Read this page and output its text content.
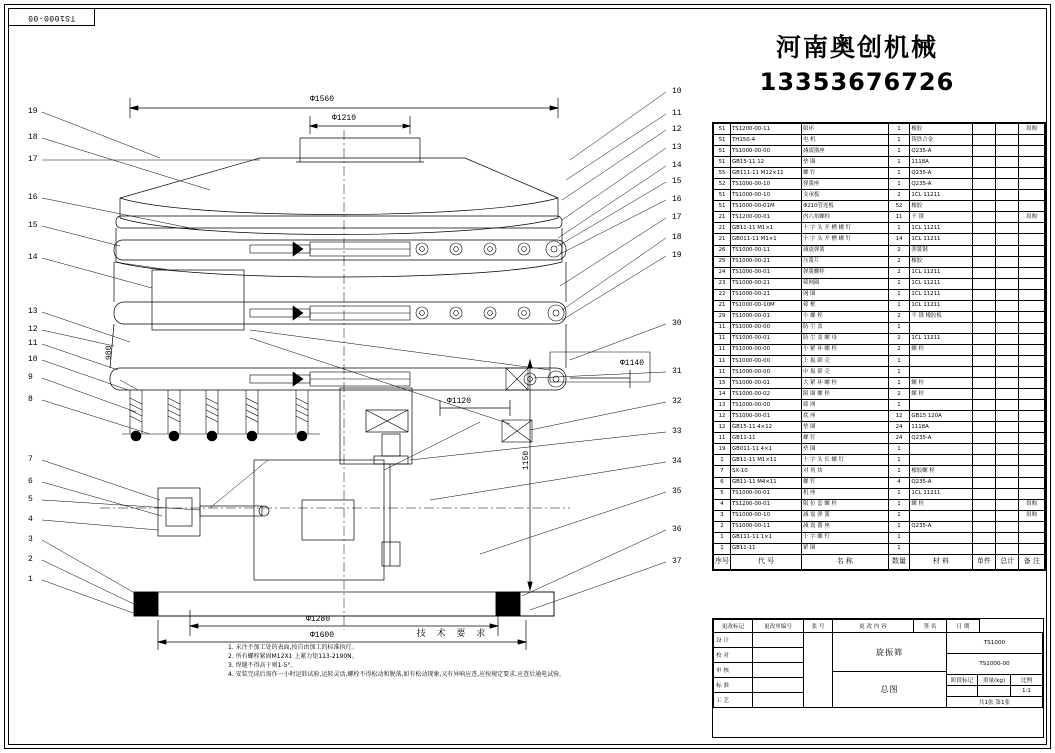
TS1000-00
河南奥创机械
13353676726
Φ1560
Φ1210
Φ1140
Φ1120
Φ1280
Φ1600
1150
980
19
18
17
16
15
14
13
12
11
10
9
8
7
6
5
4
3
2
1
10
11
12
13
14
15
16
17
18
19
30
31
32
33
34
35
36
37
技 术 要 求
1. 未注不加工处的表面,按自由加工的标准执行。
2. 所有螺栓紧固M12X1 上紧力矩113-2190N。
3. 焊缝不得高于则1-5°。
4. 安装完成后需作一小时运转试验,运转灵活,螺栓不得松动和脱落,如有松动现象,又有异响应查,应按规定要求,应查后通电试验。
51	TS1200-00-11	限环	1	橡胶			组购
51	TH150-4	电 机	1	铸铁合金			
51	TS1000-00-00	减震器座	1	Q235-A			
51	GB15-11 12	垫 圈	1	1118A			
55	GB111-11 M12×11	螺 钉	1	Q235-A			
52	TS1000-00-10	弹簧座	1	Q235-A			
51	TS1000-00-10	支承板	2	1CL 11211			
51	TS1000-00-01M	Φ210管连板	52	橡胶			
21	TS1200-00-01	内六角螺栓	11	不 锈			组购
21	GB11-11 M1×1	十 字 头 开 槽 螺 钉	1	1CL 11211			
21	GB011-11 M1×1	十 字 头 开 槽 螺 钉	14	1CL 11211			
26	TS1000-00-11	减震弹簧	2	弹簧钢			
25	TS1000-00-21	压簧片	2	橡胶			
24	TS1000-00-01	弹簧螺栓	2	1CL 11211			
23	TS1000-00-21	筛网圈	1	1CL 11211			
22	TS1000-00-21	网 圈	1	1CL 11211			
21	TS1000-00-10M	筛 框	1	1CL 11211			
29	TS1000-00-01	小 螺 栓	2	不 锈 橡胶板			
11	TS1000-00-00	防 尘 盖	1				
11	TS1000-00-01	防 尘 盖 螺 母	2	1CL 11211			
11	TS1000-00-00	小 紧 环 螺 栓	2	螺 栓			
11	TS1000-00-00	上 振 筛 壳	1				
11	TS1000-00-00	中 振 筛 壳	1				
15	TS1000-00-01	大 紧 环 螺 栓	1	螺 栓			
14	TS1000-00-02	限 圈 螺 栓	2	螺 栓			
13	TS1000-00-00	筛 网	1				
12	TS1000-00-01	底 座	12	GB15 120A			
12	GB15-11 4×12	垫 圈	24	1118A			
11	GB11-11	螺 钉	24	Q235-A			
19	GB011-11 4×1	垫 圈	1				
1	GB11-11 M1×11	十 字 头 长 螺 钉	1				
7	SX-10	对 角 块	1	橡胶螺 栓			
6	GB11-11 M4×11	螺 钉	4	Q235-A			
5	TS1000-00-01	机 座	1	1CL 11211			
4	TS1200-00-01	限 位 套 螺 栓	1	螺 栓			组购
3	TS1000-00-10	减 震 弹 簧	1				组购
2	TS1000-00-11	减 震 器 座	1	Q235-A			
1	GB111-11 1×1	十 字 螺 钉	1				
1	GB11-11	紧 圈	1				
序号	代 号	名 称	数量	材 料	单件	总计	备 注
更改标记	更改单编号	张 号	更 改 内 容	签 名	日 期
设 计
校 对
审 核
标 准
工 艺
旋振筛
总图
TS1000
TS1000-00
阶段标记	重量(kg)	比例
1:1
共1张 第1张
